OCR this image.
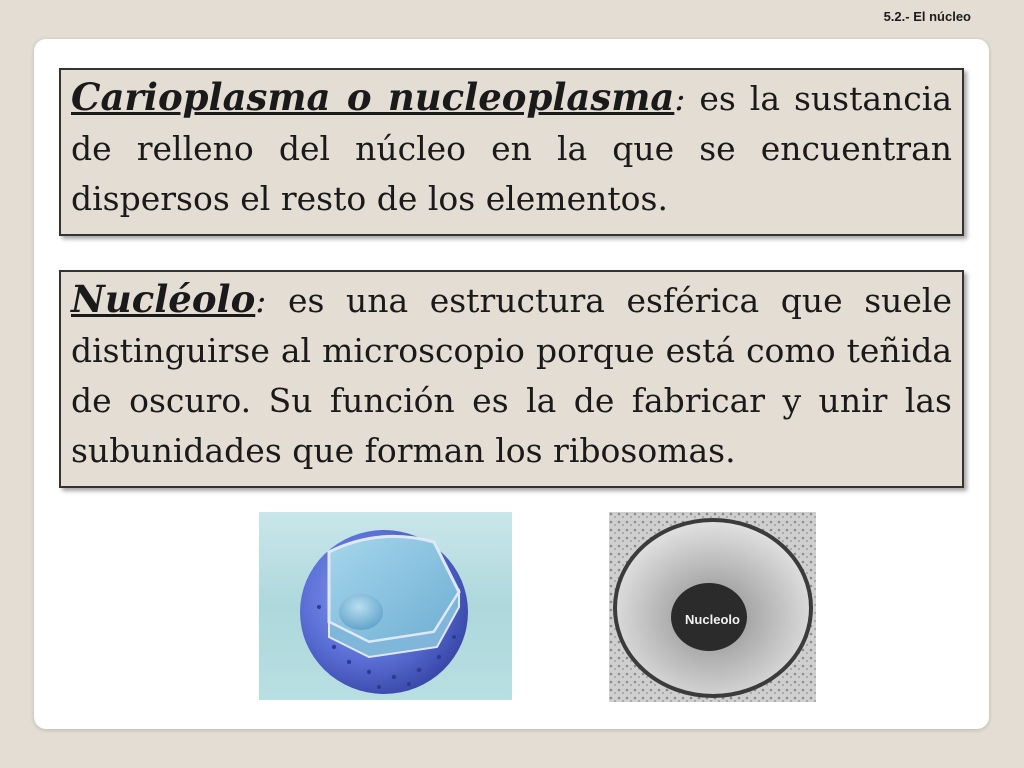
5.2.- El núcleo
Carioplasma o nucleoplasma: es la sustancia de relleno del núcleo en la que se encuentran dispersos el resto de los elementos.
Nucléolo: es una estructura esférica que suele distinguirse al microscopio porque está como teñida de oscuro. Su función es la de fabricar y unir las subunidades que forman los ribosomas.
Nucleolo
